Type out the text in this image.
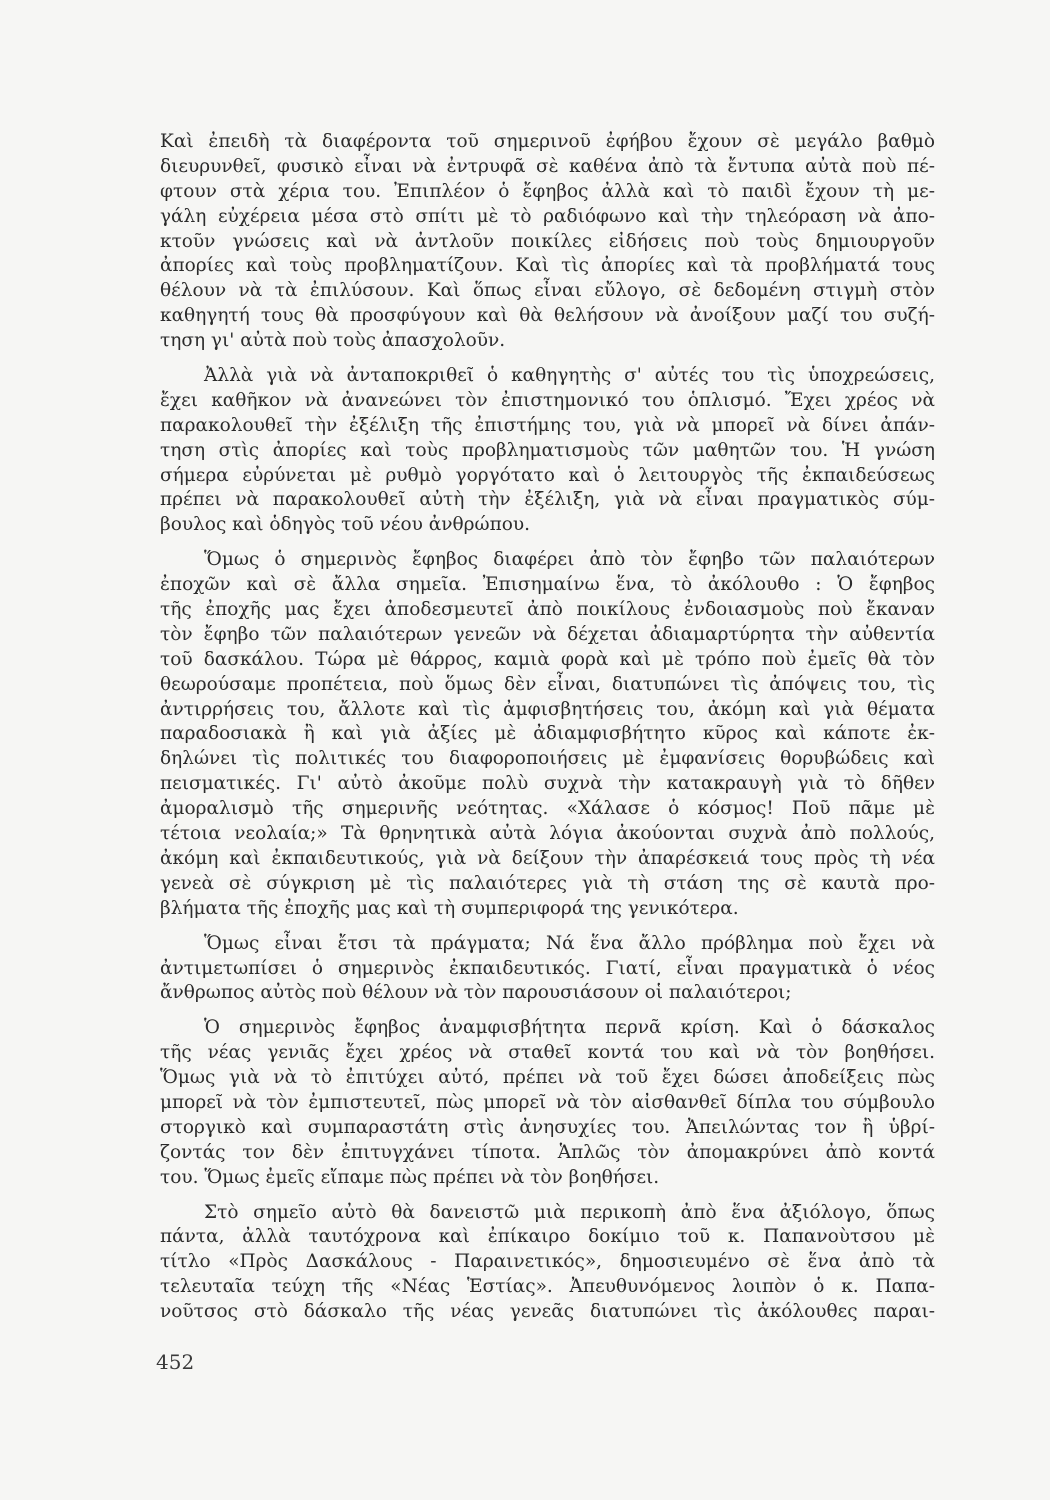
Καὶ ἐπειδὴ τὰ διαφέροντα τοῦ σημερινοῦ ἐφήβου ἔχουν σὲ μεγάλο βαθμὸ
διευρυνθεῖ, φυσικὸ εἶναι νὰ ἐντρυφᾶ σὲ καθένα ἀπὸ τὰ ἔντυπα αὐτὰ ποὺ πέ-
φτουν στὰ χέρια του. Ἐπιπλέον ὁ ἔφηβος ἀλλὰ καὶ τὸ παιδὶ ἔχουν τὴ με-
γάλη εὐχέρεια μέσα στὸ σπίτι μὲ τὸ ραδιόφωνο καὶ τὴν τηλεόραση νὰ ἀπο-
κτοῦν γνώσεις καὶ νὰ ἀντλοῦν ποικίλες εἰδήσεις ποὺ τοὺς δημιουργοῦν
ἀπορίες καὶ τοὺς προβληματίζουν. Καὶ τὶς ἀπορίες καὶ τὰ προβλήματά τους
θέλουν νὰ τὰ ἐπιλύσουν. Καὶ ὅπως εἶναι εὔλογο, σὲ δεδομένη στιγμὴ στὸν
καθηγητή τους θὰ προσφύγουν καὶ θὰ θελήσουν νὰ ἀνοίξουν μαζί του συζή-
τηση γι' αὐτὰ ποὺ τοὺς ἀπασχολοῦν.
Ἀλλὰ γιὰ νὰ ἀνταποκριθεῖ ὁ καθηγητὴς σ' αὐτές του τὶς ὑποχρεώσεις,
ἔχει καθῆκον νὰ ἀνανεώνει τὸν ἐπιστημονικό του ὁπλισμό. Ἔχει χρέος νὰ
παρακολουθεῖ τὴν ἐξέλιξη τῆς ἐπιστήμης του, γιὰ νὰ μπορεῖ νὰ δίνει ἀπάν-
τηση στὶς ἀπορίες καὶ τοὺς προβληματισμοὺς τῶν μαθητῶν του. Ἡ γνώση
σήμερα εὐρύνεται μὲ ρυθμὸ γοργότατο καὶ ὁ λειτουργὸς τῆς ἐκπαιδεύσεως
πρέπει νὰ παρακολουθεῖ αὐτὴ τὴν ἐξέλιξη, γιὰ νὰ εἶναι πραγματικὸς σύμ-
βουλος καὶ ὁδηγὸς τοῦ νέου ἀνθρώπου.
Ὅμως ὁ σημερινὸς ἔφηβος διαφέρει ἀπὸ τὸν ἔφηβο τῶν παλαιότερων
ἐποχῶν καὶ σὲ ἄλλα σημεῖα. Ἐπισημαίνω ἕνα, τὸ ἀκόλουθο : Ὁ ἔφηβος
τῆς ἐποχῆς μας ἔχει ἀποδεσμευτεῖ ἀπὸ ποικίλους ἐνδοιασμοὺς ποὺ ἔκαναν
τὸν ἔφηβο τῶν παλαιότερων γενεῶν νὰ δέχεται ἀδιαμαρτύρητα τὴν αὐθεντία
τοῦ δασκάλου. Τώρα μὲ θάρρος, καμιὰ φορὰ καὶ μὲ τρόπο ποὺ ἐμεῖς θὰ τὸν
θεωρούσαμε προπέτεια, ποὺ ὅμως δὲν εἶναι, διατυπώνει τὶς ἀπόψεις του, τὶς
ἀντιρρήσεις του, ἄλλοτε καὶ τὶς ἀμφισβητήσεις του, ἀκόμη καὶ γιὰ θέματα
παραδοσιακὰ ἢ καὶ γιὰ ἀξίες μὲ ἀδιαμφισβήτητο κῦρος καὶ κάποτε ἐκ-
δηλώνει τὶς πολιτικές του διαφοροποιήσεις μὲ ἐμφανίσεις θορυβώδεις καὶ
πεισματικές. Γι' αὐτὸ ἀκοῦμε πολὺ συχνὰ τὴν κατακραυγὴ γιὰ τὸ δῆθεν
ἀμοραλισμὸ τῆς σημερινῆς νεότητας. «Χάλασε ὁ κόσμος! Ποῦ πᾶμε μὲ
τέτοια νεολαία;» Τὰ θρηνητικὰ αὐτὰ λόγια ἀκούονται συχνὰ ἀπὸ πολλούς,
ἀκόμη καὶ ἐκπαιδευτικούς, γιὰ νὰ δείξουν τὴν ἀπαρέσκειά τους πρὸς τὴ νέα
γενεὰ σὲ σύγκριση μὲ τὶς παλαιότερες γιὰ τὴ στάση της σὲ καυτὰ προ-
βλήματα τῆς ἐποχῆς μας καὶ τὴ συμπεριφορά της γενικότερα.
Ὅμως εἶναι ἔτσι τὰ πράγματα; Νά ἕνα ἄλλο πρόβλημα ποὺ ἔχει νὰ
ἀντιμετωπίσει ὁ σημερινὸς ἐκπαιδευτικός. Γιατί, εἶναι πραγματικὰ ὁ νέος
ἄνθρωπος αὐτὸς ποὺ θέλουν νὰ τὸν παρουσιάσουν οἱ παλαιότεροι;
Ὁ σημερινὸς ἔφηβος ἀναμφισβήτητα περνᾶ κρίση. Καὶ ὁ δάσκαλος
τῆς νέας γενιᾶς ἔχει χρέος νὰ σταθεῖ κοντά του καὶ νὰ τὸν βοηθήσει.
Ὅμως γιὰ νὰ τὸ ἐπιτύχει αὐτό, πρέπει νὰ τοῦ ἔχει δώσει ἀποδείξεις πὼς
μπορεῖ νὰ τὸν ἐμπιστευτεῖ, πὼς μπορεῖ νὰ τὸν αἰσθανθεῖ δίπλα του σύμβουλο
στοργικὸ καὶ συμπαραστάτη στὶς ἀνησυχίες του. Ἀπειλώντας τον ἢ ὑβρί-
ζοντάς τον δὲν ἐπιτυγχάνει τίποτα. Ἁπλῶς τὸν ἀπομακρύνει ἀπὸ κοντά
του. Ὅμως ἐμεῖς εἴπαμε πὼς πρέπει νὰ τὸν βοηθήσει.
Στὸ σημεῖο αὐτὸ θὰ δανειστῶ μιὰ περικοπὴ ἀπὸ ἕνα ἀξιόλογο, ὅπως
πάντα, ἀλλὰ ταυτόχρονα καὶ ἐπίκαιρο δοκίμιο τοῦ κ. Παπανοὺτσου μὲ
τίτλο «Πρὸς Δασκάλους - Παραινετικός», δημοσιευμένο σὲ ἕνα ἀπὸ τὰ
τελευταῖα τεύχη τῆς «Νέας Ἑστίας». Ἀπευθυνόμενος λοιπὸν ὁ κ. Παπα-
νοῦτσος στὸ δάσκαλο τῆς νέας γενεᾶς διατυπώνει τὶς ἀκόλουθες παραι-
452
